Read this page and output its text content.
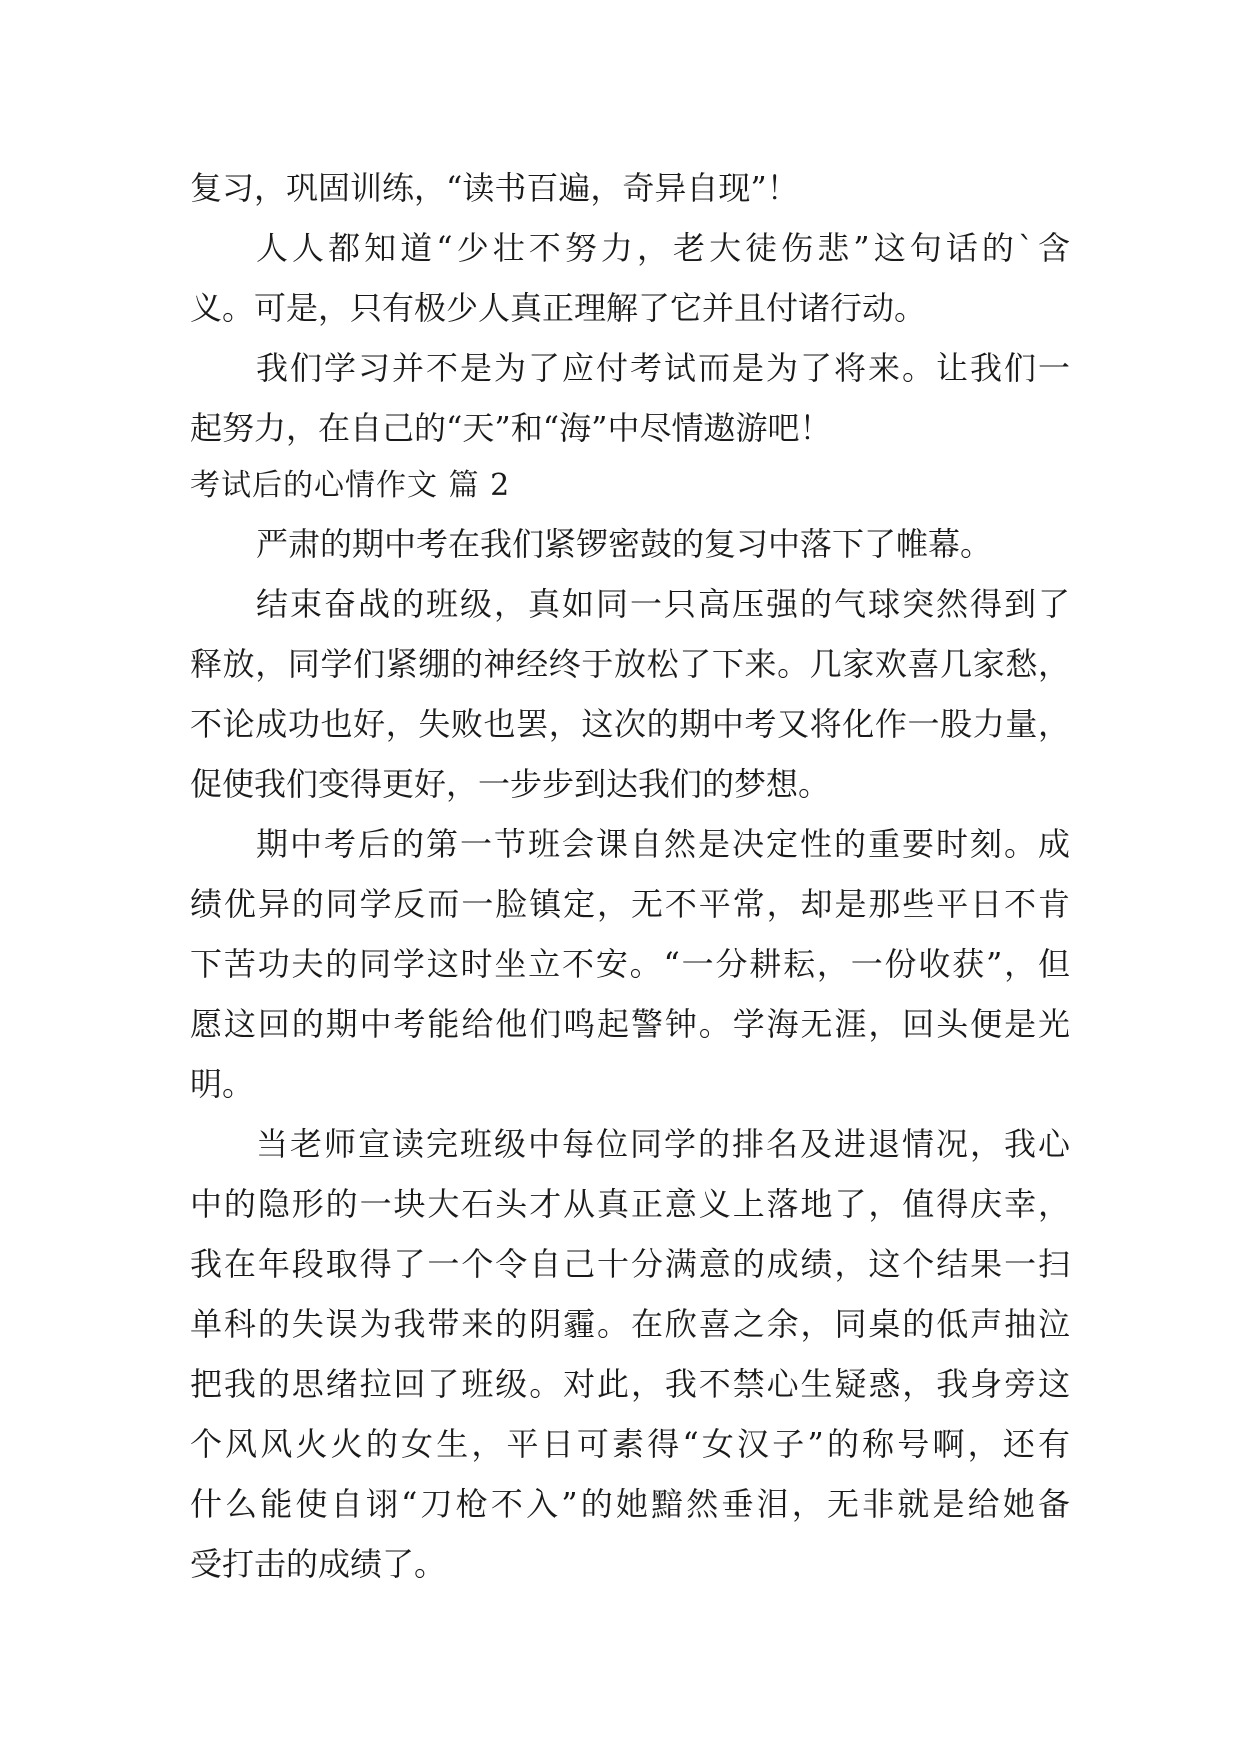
复习，巩固训练，“读书百遍，奇异自现”！
人人都知道“少壮不努力，老大徒伤悲”这句话的`含
义。可是，只有极少人真正理解了它并且付诸行动。
我们学习并不是为了应付考试而是为了将来。让我们一
起努力，在自己的“天”和“海”中尽情遨游吧！
考试后的心情作文 篇 2
严肃的期中考在我们紧锣密鼓的复习中落下了帷幕。
结束奋战的班级，真如同一只高压强的气球突然得到了
释放，同学们紧绷的神经终于放松了下来。几家欢喜几家愁，
不论成功也好，失败也罢，这次的期中考又将化作一股力量，
促使我们变得更好，一步步到达我们的梦想。
期中考后的第一节班会课自然是决定性的重要时刻。成
绩优异的同学反而一脸镇定，无不平常，却是那些平日不肯
下苦功夫的同学这时坐立不安。“一分耕耘，一份收获”，但
愿这回的期中考能给他们鸣起警钟。学海无涯，回头便是光
明。
当老师宣读完班级中每位同学的排名及进退情况，我心
中的隐形的一块大石头才从真正意义上落地了，值得庆幸，
我在年段取得了一个令自己十分满意的成绩，这个结果一扫
单科的失误为我带来的阴霾。在欣喜之余，同桌的低声抽泣
把我的思绪拉回了班级。对此，我不禁心生疑惑，我身旁这
个风风火火的女生，平日可素得“女汉子”的称号啊，还有
什么能使自诩“刀枪不入”的她黯然垂泪，无非就是给她备
受打击的成绩了。
